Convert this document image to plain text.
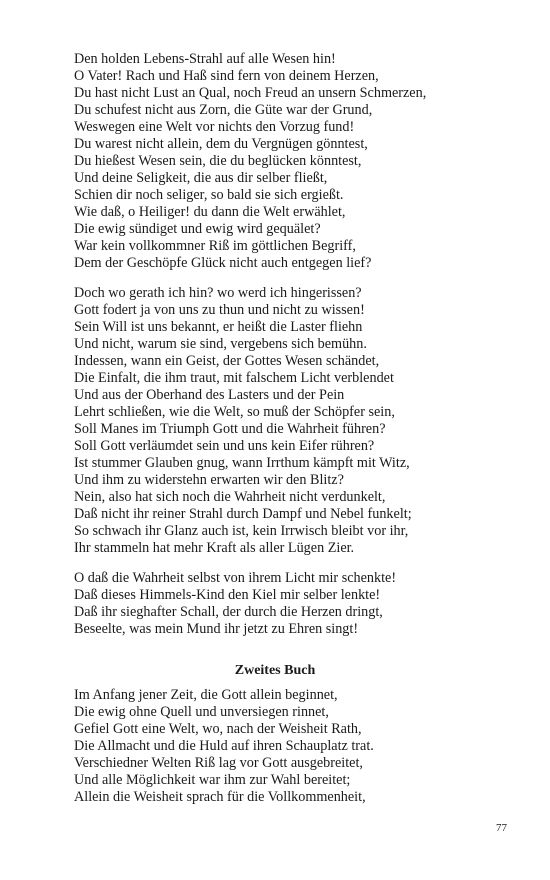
Den holden Lebens-Strahl auf alle Wesen hin!
O Vater! Rach und Haß sind fern von deinem Herzen,
Du hast nicht Lust an Qual, noch Freud an unsern Schmerzen,
Du schufest nicht aus Zorn, die Güte war der Grund,
Weswegen eine Welt vor nichts den Vorzug fund!
Du warest nicht allein, dem du Vergnügen gönntest,
Du hießest Wesen sein, die du beglücken könntest,
Und deine Seligkeit, die aus dir selber fließt,
Schien dir noch seliger, so bald sie sich ergießt.
Wie daß, o Heiliger! du dann die Welt erwählet,
Die ewig sündiget und ewig wird gequälet?
War kein vollkommner Riß im göttlichen Begriff,
Dem der Geschöpfe Glück nicht auch entgegen lief?
Doch wo gerath ich hin? wo werd ich hingerissen?
Gott fodert ja von uns zu thun und nicht zu wissen!
Sein Will ist uns bekannt, er heißt die Laster fliehn
Und nicht, warum sie sind, vergebens sich bemühn.
Indessen, wann ein Geist, der Gottes Wesen schändet,
Die Einfalt, die ihm traut, mit falschem Licht verblendet
Und aus der Oberhand des Lasters und der Pein
Lehrt schließen, wie die Welt, so muß der Schöpfer sein,
Soll Manes im Triumph Gott und die Wahrheit führen?
Soll Gott verläumdet sein und uns kein Eifer rühren?
Ist stummer Glauben gnug, wann Irrthum kämpft mit Witz,
Und ihm zu widerstehn erwarten wir den Blitz?
Nein, also hat sich noch die Wahrheit nicht verdunkelt,
Daß nicht ihr reiner Strahl durch Dampf und Nebel funkelt;
So schwach ihr Glanz auch ist, kein Irrwisch bleibt vor ihr,
Ihr stammeln hat mehr Kraft als aller Lügen Zier.
O daß die Wahrheit selbst von ihrem Licht mir schenkte!
Daß dieses Himmels-Kind den Kiel mir selber lenkte!
Daß ihr sieghafter Schall, der durch die Herzen dringt,
Beseelte, was mein Mund ihr jetzt zu Ehren singt!
Zweites Buch
Im Anfang jener Zeit, die Gott allein beginnet,
Die ewig ohne Quell und unversiegen rinnet,
Gefiel Gott eine Welt, wo, nach der Weisheit Rath,
Die Allmacht und die Huld auf ihren Schauplatz trat.
Verschiedner Welten Riß lag vor Gott ausgebreitet,
Und alle Möglichkeit war ihm zur Wahl bereitet;
Allein die Weisheit sprach für die Vollkommenheit,
77
